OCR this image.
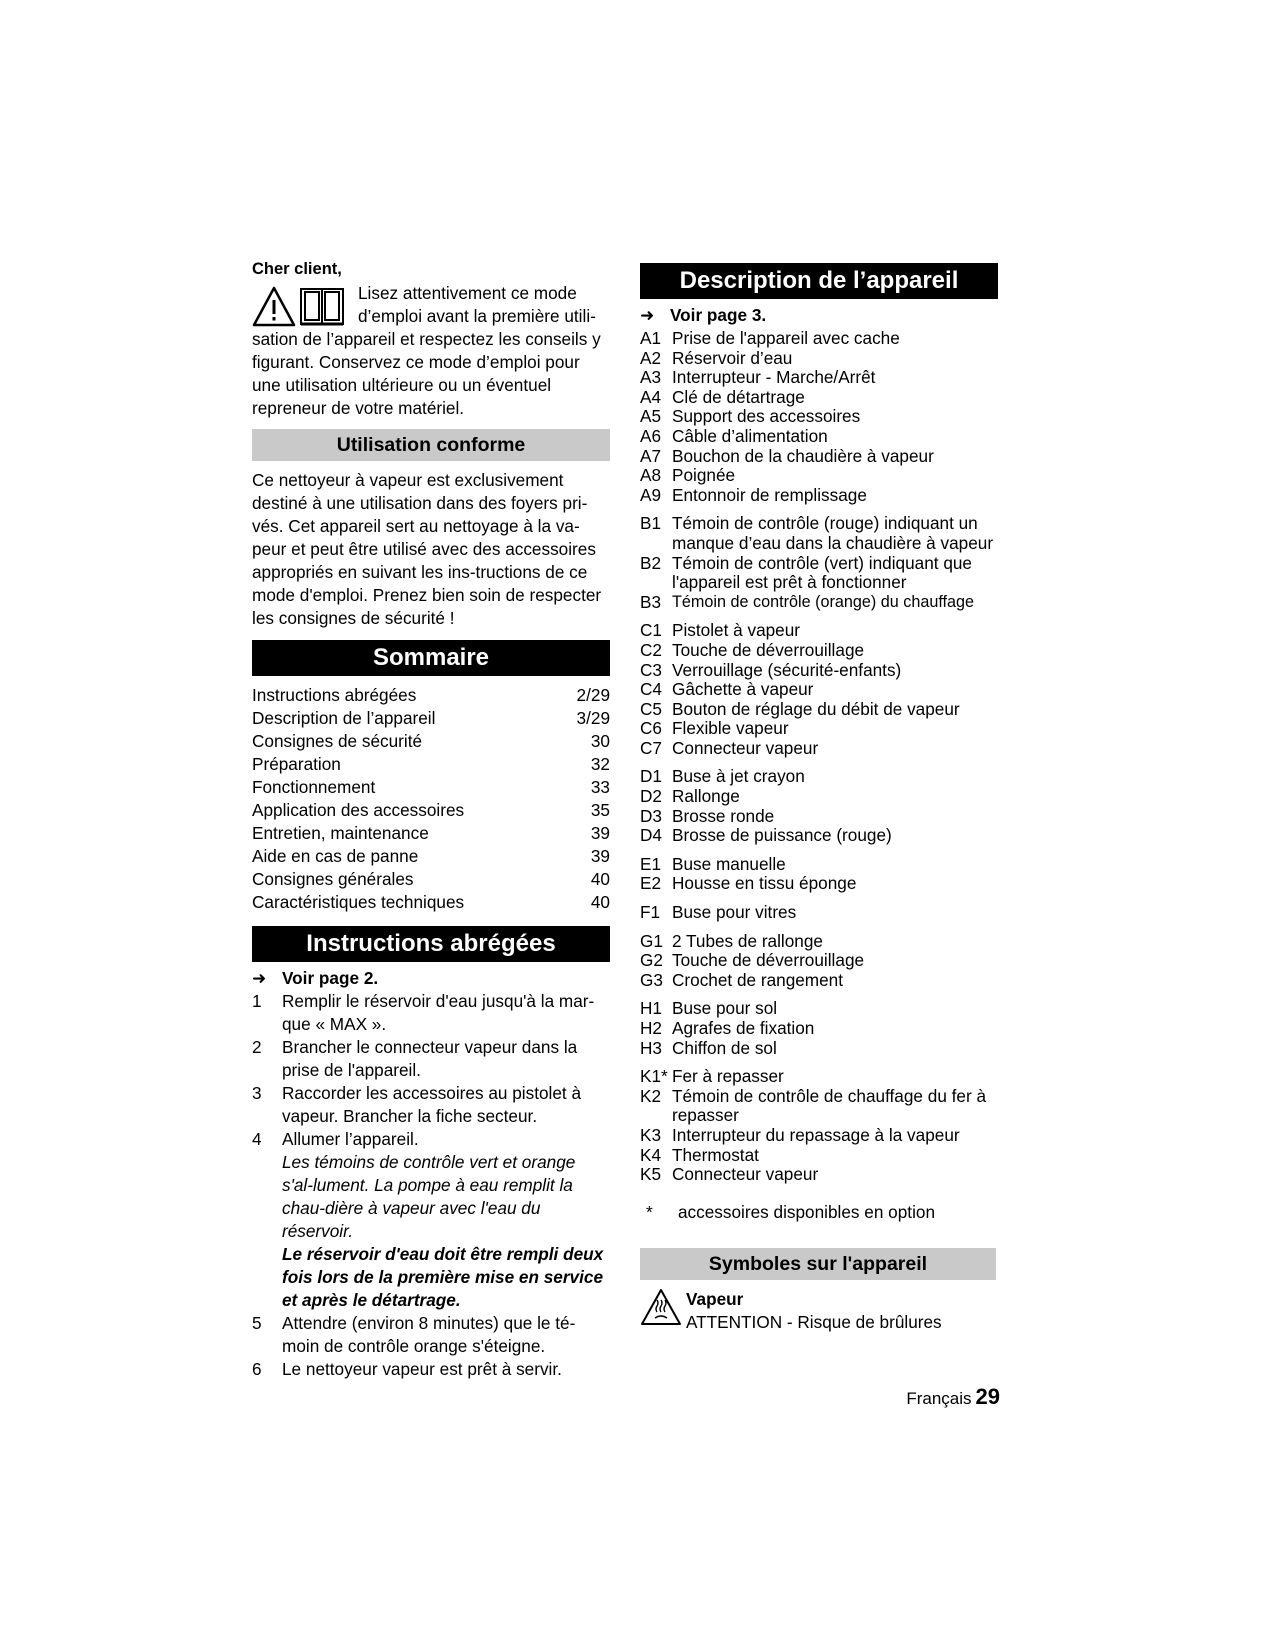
Cher client,

Lisez attentivement ce mode

d’emploi avant la première utili-

sation de l’appareil et respectez les conseils y figurant. Conservez ce mode d’emploi pour une utilisation ultérieure ou un éventuel repreneur de votre matériel.

Utilisation conforme

Ce nettoyeur à vapeur est exclusivement destiné à une utilisation dans des foyers pri-vés. Cet appareil sert au nettoyage à la va-peur et peut être utilisé avec des accessoires appropriés en suivant les ins-tructions de ce mode d'emploi. Prenez bien soin de respecter les consignes de sécurité !

Sommaire
Instructions abrégées	2/29
Description de l’appareil	3/29
Consignes de sécurité	30
Préparation	32
Fonctionnement	33
Application des accessoires	35
Entretien, maintenance	39
Aide en cas de panne	39
Consignes générales	40
Caractéristiques techniques	40
Instructions abrégées
➜ Voir page 2.
1	Remplir le réservoir d'eau jusqu'à la mar-que « MAX ».
2	Brancher le connecteur vapeur dans la prise de l'appareil.
3	Raccorder les accessoires au pistolet à vapeur. Brancher la fiche secteur.
4	Allumer l’appareil.

Les témoins de contrôle vert et orange s'al-lument. La pompe à eau remplit la chau-dière à vapeur avec l'eau du réservoir.

Le réservoir d'eau doit être rempli deux fois lors de la première mise en service et après le détartrage.

5	Attendre (environ 8 minutes) que le té-moin de contrôle orange s'éteigne.
6	Le nettoyeur vapeur est prêt à servir.
Description de l’appareil
➜ Voir page 3.
A1 Prise de l'appareil avec cache
A2 Réservoir d’eau
A3 Interrupteur - Marche/Arrêt
A4 Clé de détartrage
A5 Support des accessoires
A6 Câble d’alimentation
A7 Bouchon de la chaudière à vapeur
A8 Poignée
A9 Entonnoir de remplissage
B1 Témoin de contrôle (rouge) indiquant un manque d’eau dans la chaudière à vapeur
B2 Témoin de contrôle (vert) indiquant que l'appareil est prêt à fonctionner
B3 Témoin de contrôle (orange) du chauffage
C1 Pistolet à vapeur
C2 Touche de déverrouillage
C3 Verrouillage (sécurité-enfants)
C4 Gâchette à vapeur
C5 Bouton de réglage du débit de vapeur
C6 Flexible vapeur
C7 Connecteur vapeur
D1 Buse à jet crayon
D2 Rallonge
D3 Brosse ronde
D4 Brosse de puissance (rouge)
E1 Buse manuelle
E2 Housse en tissu éponge
F1 Buse pour vitres
G1 2 Tubes de rallonge
G2 Touche de déverrouillage
G3 Crochet de rangement
H1 Buse pour sol
H2 Agrafes de fixation
H3 Chiffon de sol
K1* Fer à repasser
K2 Témoin de contrôle de chauffage du fer à repasser
K3 Interrupteur du repassage à la vapeur
K4 Thermostat
K5 Connecteur vapeur
*	accessoires disponibles en option
Symboles sur l'appareil

Vapeur

ATTENTION - Risque de brûlures

Français 29
